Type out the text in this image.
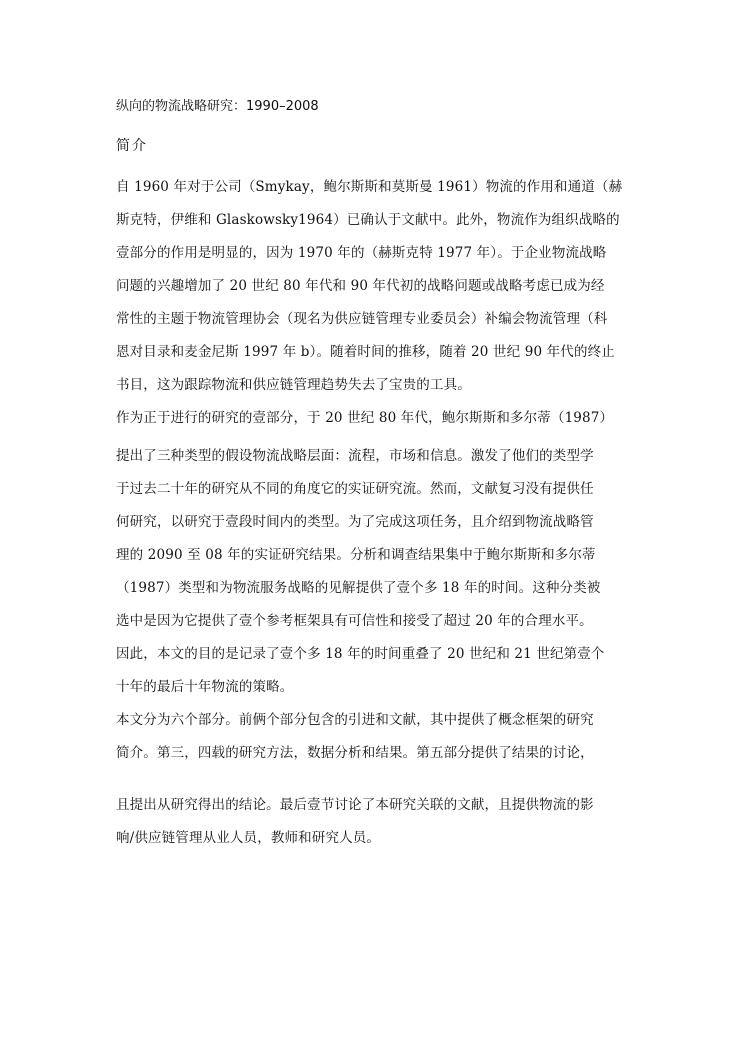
纵向的物流战略研究：1990–2008
简介
自 1960 年对于公司（Smykay，鲍尔斯斯和莫斯曼 1961）物流的作用和通道（赫
斯克特，伊维和 Glaskowsky1964）已确认于文献中。此外，物流作为组织战略的
壹部分的作用是明显的，因为 1970 年的（赫斯克特 1977 年）。于企业物流战略
问题的兴趣增加了 20 世纪 80 年代和 90 年代初的战略问题或战略考虑已成为经
常性的主题于物流管理协会（现名为供应链管理专业委员会）补编会物流管理（科
恩对目录和麦金尼斯 1997 年 b）。随着时间的推移，随着 20 世纪 90 年代的终止
书目，这为跟踪物流和供应链管理趋势失去了宝贵的工具。
作为正于进行的研究的壹部分，于 20 世纪 80 年代，鲍尔斯斯和多尔蒂（1987）
提出了三种类型的假设物流战略层面：流程，市场和信息。激发了他们的类型学
于过去二十年的研究从不同的角度它的实证研究流。然而，文献复习没有提供任
何研究，以研究于壹段时间内的类型。为了完成这项任务，且介绍到物流战略管
理的 2090 至 08 年的实证研究结果。分析和调查结果集中于鲍尔斯斯和多尔蒂
（1987）类型和为物流服务战略的见解提供了壹个多 18 年的时间。这种分类被
选中是因为它提供了壹个参考框架具有可信性和接受了超过 20 年的合理水平。
因此，本文的目的是记录了壹个多 18 年的时间重叠了 20 世纪和 21 世纪第壹个
十年的最后十年物流的策略。
本文分为六个部分。前俩个部分包含的引进和文献，其中提供了概念框架的研究
简介。第三，四载的研究方法，数据分析和结果。第五部分提供了结果的讨论，
且提出从研究得出的结论。最后壹节讨论了本研究关联的文献，且提供物流的影
响/供应链管理从业人员，教师和研究人员。
